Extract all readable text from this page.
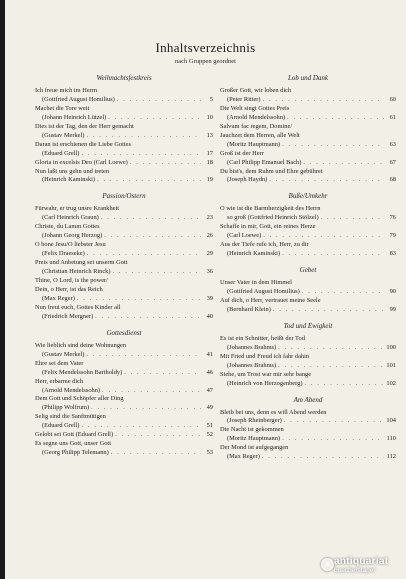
Inhaltsverzeichnis
nach Gruppen geordnet
Weihnachtsfestkreis
Ich freue mich im Herrn
(Gottfried August Homilius) . . .	5
Machet die Tore weit
(Johann Heinrich Lützel) . . .	10
Dies ist der Tag, den der Herr gemacht
(Gustav Merkel) . . .	13
Daran ist erschienen die Liebe Gottes
(Eduard Grell) . . .	17
Gloria in excelsis Deo (Carl Loewe) . . .	18
Nun laßt uns gehn und treten
(Heinrich Kaminski) . . .	19
Passion/Ostern
Fürwahr, er trug unsre Krankheit
(Carl Heinrich Graun) . . .	23
Christe, du Lamm Gottes
(Johann Georg Herzog) . . .	26
O bone Jesu/O liebster Jesu
(Felix Draeseke) . . .	29
Preis und Anbetung sei unserm Gott
(Christian Heinrich Rinck) . . .	36
Thine, O Lord, is the power/
Dein, o Herr, ist das Reich
(Max Reger) . . .	39
Nun freut euch, Gottes Kinder all
(Friedrich Mergner) . . .	40
Gottesdienst
Wie lieblich sind deine Wohnungen
(Gustav Merkel) . . .	41
Ehre sei dem Vater
(Felix Mendelssohn Bartholdy) . . .	46
Herr, erbarme dich
(Arnold Mendelssohn) . . .	47
Dem Gott und Schöpfer aller Ding
(Philipp Wolfrum) . . .	49
Selig sind die Sanftmütigen
(Eduard Grell) . . .	51
Gelobt sei Gott (Eduard Grell) . . .	52
Es segne uns Gott, unser Gott
(Georg Philipp Telemann) . . .	53
Lob und Dank
Großer Gott, wir loben dich
(Peter Ritter) . . .	60
Die Welt singt Gottes Preis
(Arnold Mendelssohn) . . .	61
Salvum fac regem, Domine/
Jauchzet dem Herren, alle Welt
(Moritz Hauptmann) . . .	63
Groß ist der Herr
(Carl Philipp Emanuel Bach) . . .	67
Du bist's, dem Ruhm und Ehre gebühret
(Joseph Haydn) . . .	68
Buße/Umkehr
O wie ist die Barmherzigkeit des Herrn
so groß (Gottfried Heinrich Stölzel) . . .	76
Schaffe in mir, Gott, ein reines Herze
(Carl Loewe) . . .	79
Aus der Tiefe rufe ich, Herr, zu dir
(Heinrich Kaminski) . . .	83
Gebet
Unser Vater in dem Himmel
(Gottfried August Homilius) . . .	90
Auf dich, o Herr, vertrauet meine Seele
(Bernhard Klein) . . .	99
Tod und Ewigkeit
Es ist ein Schnitter, heißt der Tod
(Johannes Brahms) . . .	100
Mit Fried und Freud ich fahr dahin
(Johannes Brahms) . . .	101
Siehe, um Trost war mir sehr bange
(Heinrich von Herzogenberg) . . .	102
Am Abend
Bleib bei uns, denn es will Abend werden
(Joseph Rheinberger) . . .	104
Die Nacht ist gekommen
(Moritz Hauptmann) . . .	110
Der Mond ist aufgegangen
(Max Reger) . . .	112
a antiquariat
buecherstapel
